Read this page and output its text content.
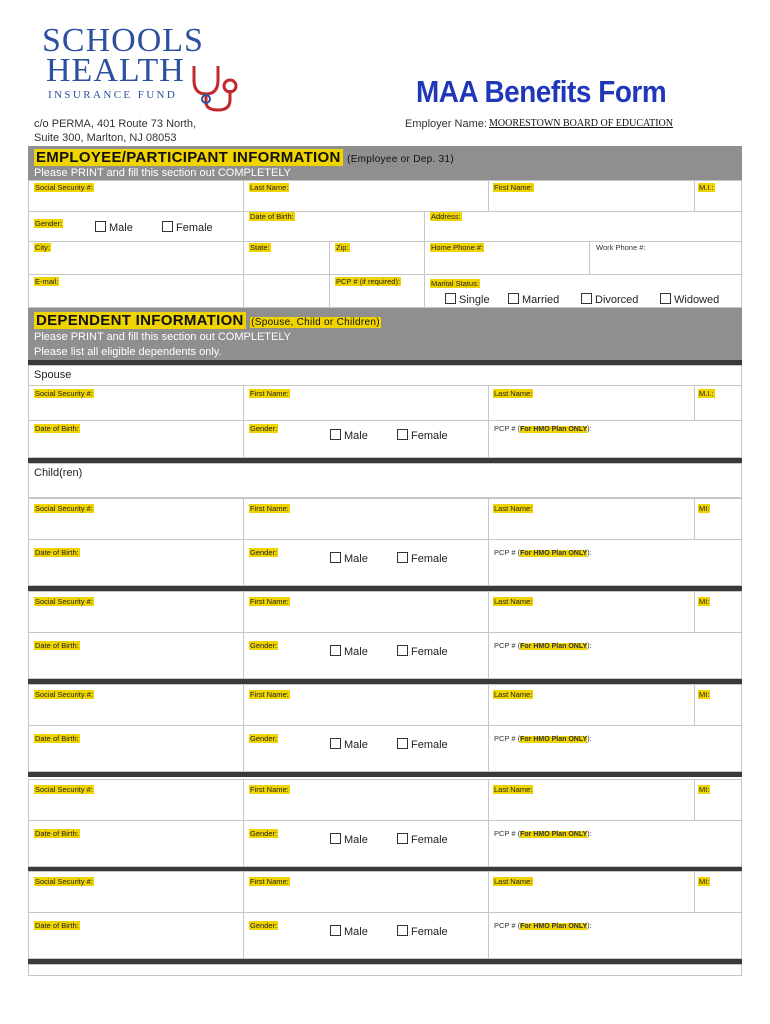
SCHOOLS
HEALTH
INSURANCE FUND	MAA Benefits Form
c/o PERMA, 401 Route 73 North,
Suite 300, Marlton, NJ 08053
Employer Name: MOORESTOWN BOARD OF EDUCATION
EMPLOYEE/PARTICIPANT INFORMATION (Employee or Dep. 31)
Please PRINT and fill this section out COMPLETELY
Social Security #:	Last Name:	First Name:	M.I.:
Gender:	Male	Female
Date of Birth:	Address:
City:	State:	Zip:	Home Phone #:	Work Phone #:
E-mail:	PCP # (if required):	Marital Status:
Single	Married	Divorced	Widowed
DEPENDENT INFORMATION (Spouse, Child or Children)
Please PRINT and fill this section out COMPLETELY
Please list all eligible dependents only.
Spouse
Social Security #:	First Name:	Last Name:	M.I.:
Date of Birth:	Gender:
Male	Female
PCP # (For HMO Plan ONLY):
Child(ren)
Social Security #:	First Name:	Last Name:	MI:
Date of Birth:	Gender:
Male	Female
PCP # (For HMO Plan ONLY):
Social Security #:	First Name:	Last Name:	MI:
Date of Birth:	Gender:
Male	Female
PCP # (For HMO Plan ONLY):
Social Security #:	First Name:	Last Name:	MI:
Date of Birth:	Gender:
Male	Female
PCP # (For HMO Plan ONLY):
Social Security #:	First Name:	Last Name:	MI:
Date of Birth:	Gender:
Male	Female
PCP # (For HMO Plan ONLY):
Social Security #:	First Name:	Last Name:	MI:
Date of Birth:	Gender:
Male	Female
PCP # (For HMO Plan ONLY):
